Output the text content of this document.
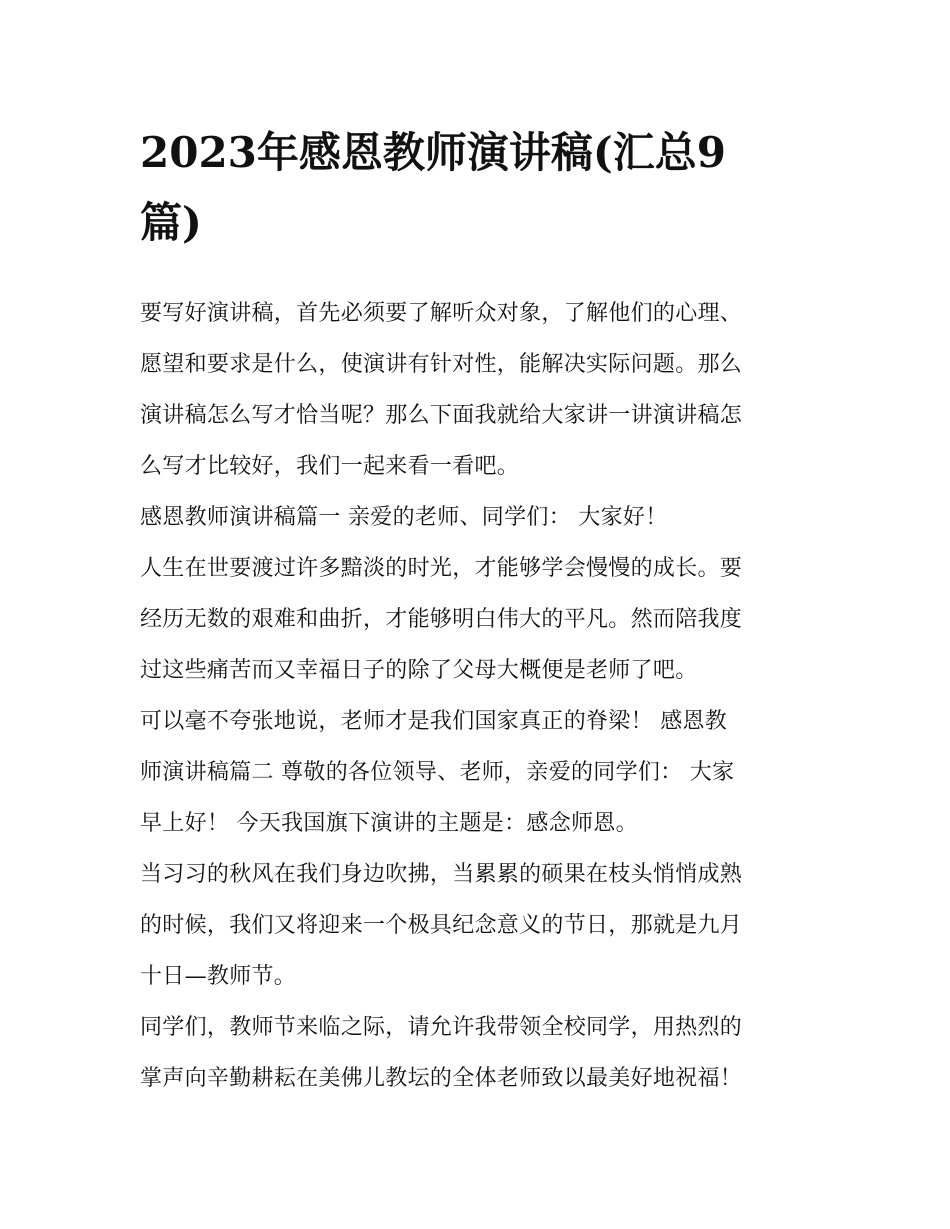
2023年感恩教师演讲稿(汇总9
篇)

要写好演讲稿，首先必须要了解听众对象，了解他们的心理、
愿望和要求是什么，使演讲有针对性，能解决实际问题。那么
演讲稿怎么写才恰当呢？那么下面我就给大家讲一讲演讲稿怎
么写才比较好，我们一起来看一看吧。

感恩教师演讲稿篇一 亲爱的老师、同学们： 大家好！

人生在世要渡过许多黯淡的时光，才能够学会慢慢的成长。要
经历无数的艰难和曲折，才能够明白伟大的平凡。然而陪我度
过这些痛苦而又幸福日子的除了父母大概便是老师了吧。

可以毫不夸张地说，老师才是我们国家真正的脊梁！ 感恩教
师演讲稿篇二 尊敬的各位领导、老师，亲爱的同学们： 大家
早上好！ 今天我国旗下演讲的主题是：感念师恩。

当习习的秋风在我们身边吹拂，当累累的硕果在枝头悄悄成熟
的时候，我们又将迎来一个极具纪念意义的节日，那就是九月
十日—教师节。

同学们，教师节来临之际，请允许我带领全校同学，用热烈的
掌声向辛勤耕耘在美佛儿教坛的全体老师致以最美好地祝福！
